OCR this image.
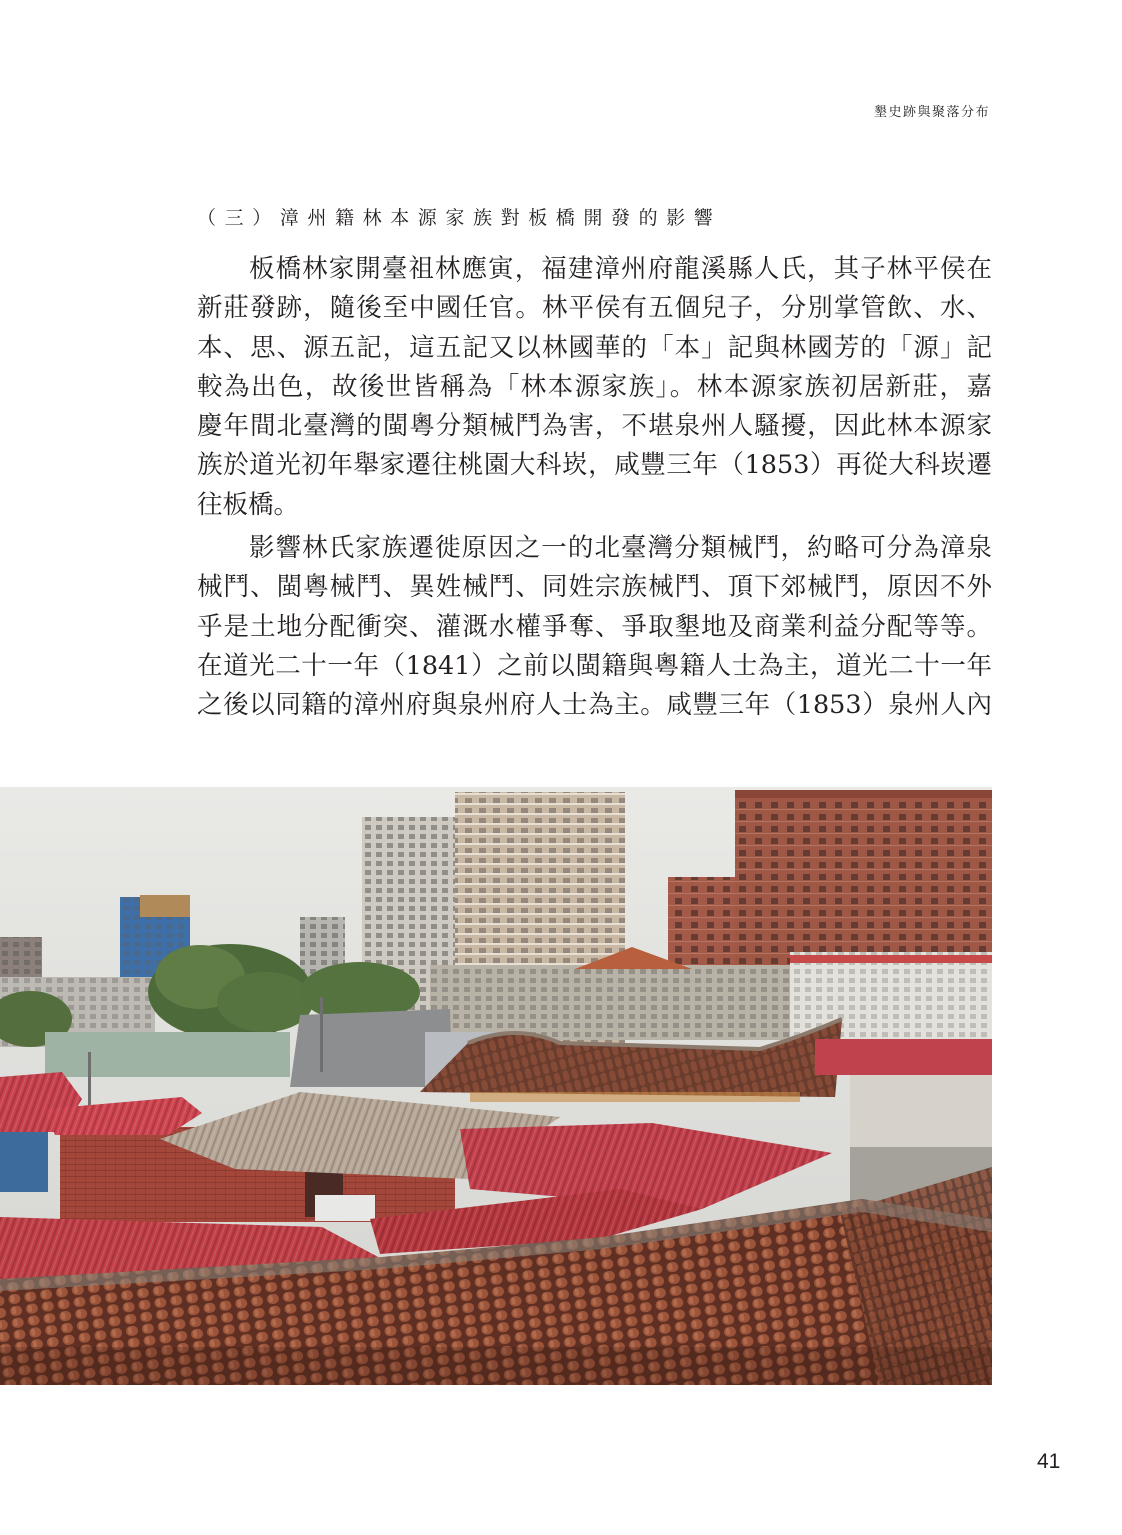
墾史跡與聚落分布
（三）漳州籍林本源家族對板橋開發的影響
板橋林家開臺祖林應寅，福建漳州府龍溪縣人氏，其子林平侯在
新莊發跡，隨後至中國任官。林平侯有五個兒子，分別掌管飲、水、
本、思、源五記，這五記又以林國華的「本」記與林國芳的「源」記
較為出色，故後世皆稱為「林本源家族」。林本源家族初居新莊，嘉
慶年間北臺灣的閩粵分類械鬥為害，不堪泉州人騷擾，因此林本源家
族於道光初年舉家遷往桃園大科崁，咸豐三年（1853）再從大科崁遷
往板橋。
影響林氏家族遷徙原因之一的北臺灣分類械鬥，約略可分為漳泉
械鬥、閩粵械鬥、異姓械鬥、同姓宗族械鬥、頂下郊械鬥，原因不外
乎是土地分配衝突、灌溉水權爭奪、爭取墾地及商業利益分配等等。
在道光二十一年（1841）之前以閩籍與粵籍人士為主，道光二十一年
之後以同籍的漳州府與泉州府人士為主。咸豐三年（1853）泉州人內
41
